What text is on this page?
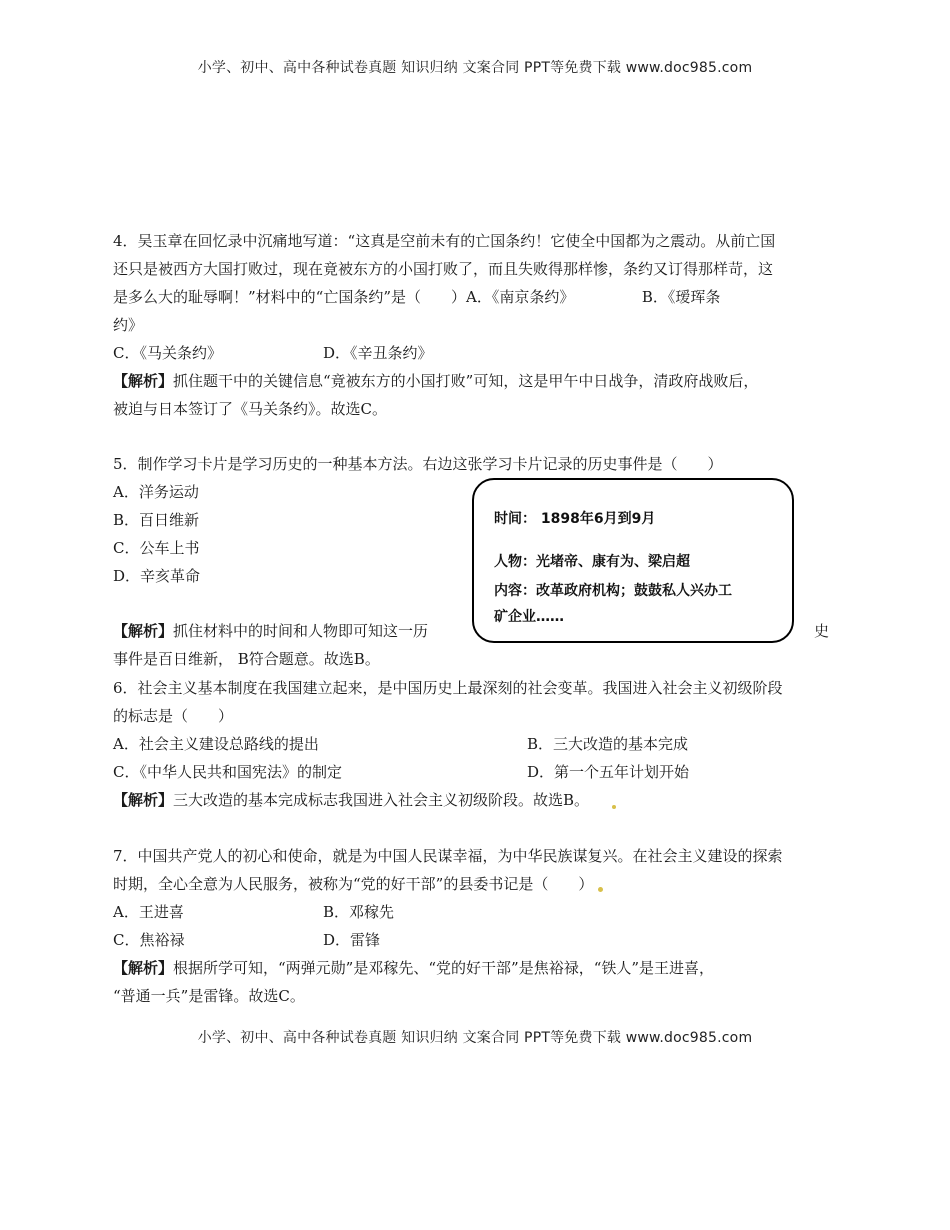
小学、初中、高中各种试卷真题 知识归纳 文案合同 PPT等免费下载 www.doc985.com
4．吴玉章在回忆录中沉痛地写道：“这真是空前未有的亡国条约！它使全中国都为之震动。从前亡国
还只是被西方大国打败过，现在竟被东方的小国打败了，而且失败得那样惨，条约又订得那样苛，这
是多么大的耻辱啊！”材料中的“亡国条约”是（　　）A．《南京条约》　　　　　B．《瑷珲条
约》
C．《马关条约》	D．《辛丑条约》
【解析】抓住题干中的关键信息“竟被东方的小国打败”可知，这是甲午中日战争，清政府战败后，
被迫与日本签订了《马关条约》。故选C。
5．制作学习卡片是学习历史的一种基本方法。右边这张学习卡片记录的历史事件是（　　）
A．洋务运动
B．百日维新
C．公车上书
D．辛亥革命
【解析】抓住材料中的时间和人物即可知这一历	史
事件是百日维新， B符合题意。故选B。
时间： 1898年6月到9月
人物：光堵帝、康有为、梁启超
内容：改革政府机构；鼓鼓私人兴办工
矿企业……
6．社会主义基本制度在我国建立起来，是中国历史上最深刻的社会变革。我国进入社会主义初级阶段
的标志是（　　）
A．社会主义建设总路线的提出	B．三大改造的基本完成
C．《中华人民共和国宪法》的制定	D．第一个五年计划开始
【解析】三大改造的基本完成标志我国进入社会主义初级阶段。故选B。
7．中国共产党人的初心和使命，就是为中国人民谋幸福，为中华民族谋复兴。在社会主义建设的探索
时期，全心全意为人民服务，被称为“党的好干部”的县委书记是（　　）
A．王进喜	B．邓稼先
C．焦裕禄	D．雷锋
【解析】根据所学可知，“两弹元勋”是邓稼先、“党的好干部”是焦裕禄，“铁人”是王进喜，
“普通一兵”是雷锋。故选C。
小学、初中、高中各种试卷真题 知识归纳 文案合同 PPT等免费下载 www.doc985.com
